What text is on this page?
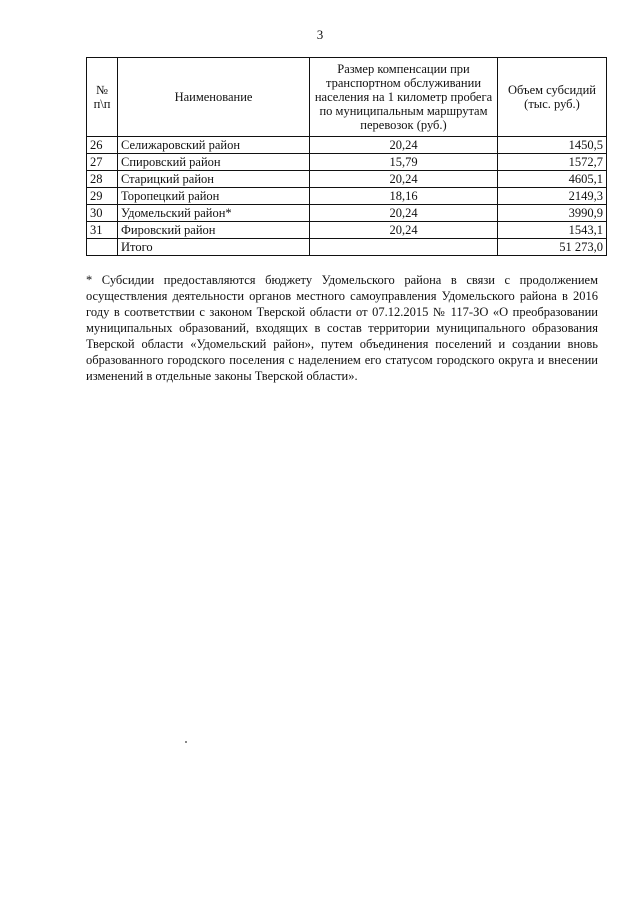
3
№
п\п	Наименование	Размер компенсации при транспортном обслуживании населения на 1 километр пробега по муниципальным маршрутам перевозок (руб.)	Объем субсидий (тыс. руб.)
26	Селижаровский район	20,24	1450,5
27	Спировский район	15,79	1572,7
28	Старицкий район	20,24	4605,1
29	Торопецкий район	18,16	2149,3
30	Удомельский район*	20,24	3990,9
31	Фировский район	20,24	1543,1
	Итого		51 273,0
* Субсидии предоставляются бюджету Удомельского района в связи с продолжением осуществления деятельности органов местного самоуправления Удомельского района в 2016 году в соответствии с законом Тверской области от 07.12.2015 № 117-ЗО «О преобразовании муниципальных образований, входящих в состав территории муниципального образования Тверской области «Удомельский район», путем объединения поселений и создании вновь образованного городского поселения с наделением его статусом городского округа и внесении изменений в отдельные законы Тверской области».
